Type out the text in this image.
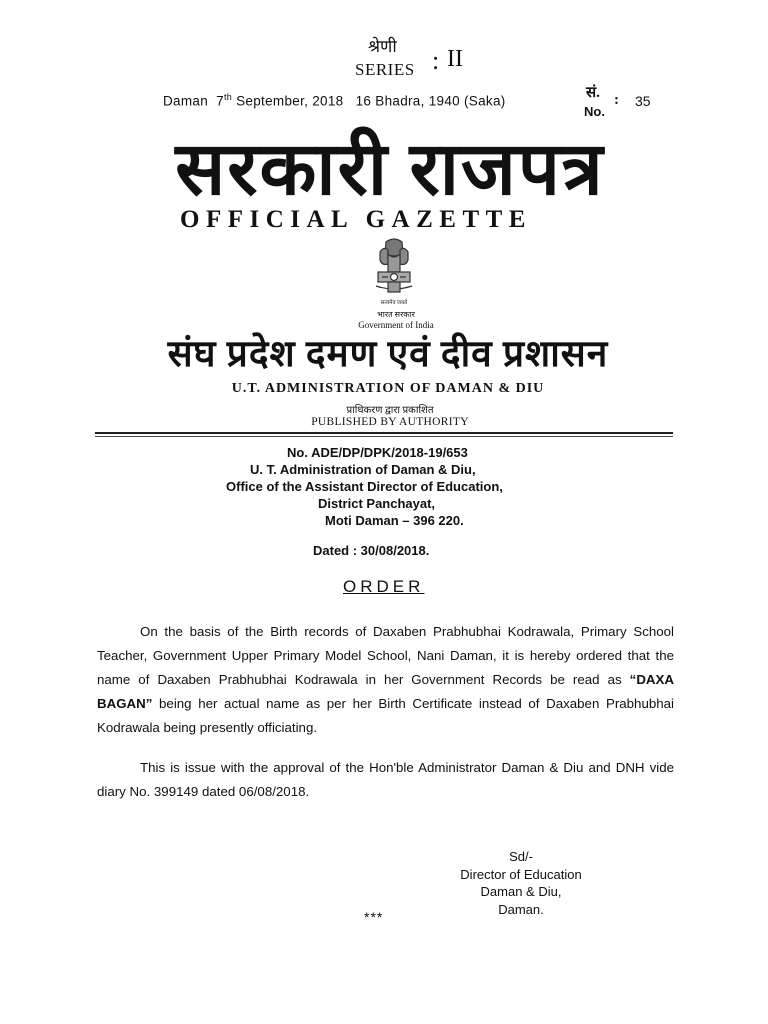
श्रेणी
SERIES : II
Daman 7th September, 2018 16 Bhadra, 1940 (Saka)	सं.
No.
: 35
सरकारी राजपत्र
OFFICIAL GAZETTE
सत्यमेव जयते
भारत सरकार
Government of India
संघ प्रदेश दमण एवं दीव प्रशासन
U.T. ADMINISTRATION OF DAMAN & DIU
प्राधिकरण द्वारा प्रकाशित
PUBLISHED BY AUTHORITY
No. ADE/DP/DPK/2018-19/653
U. T. Administration of Daman & Diu,
Office of the Assistant Director of Education,
District Panchayat,
Moti Daman – 396 220.
Dated : 30/08/2018.
ORDER
On the basis of the Birth records of Daxaben Prabhubhai Kodrawala, Primary School Teacher, Government Upper Primary Model School, Nani Daman, it is hereby ordered that the name of Daxaben Prabhubhai Kodrawala in her Government Records be read as “DAXA BAGAN” being her actual name as per her Birth Certificate instead of Daxaben Prabhubhai Kodrawala being presently officiating.
This is issue with the approval of the Hon'ble Administrator Daman & Diu and DNH vide diary No. 399149 dated 06/08/2018.
Sd/-
Director of Education
Daman & Diu,
Daman.
***
